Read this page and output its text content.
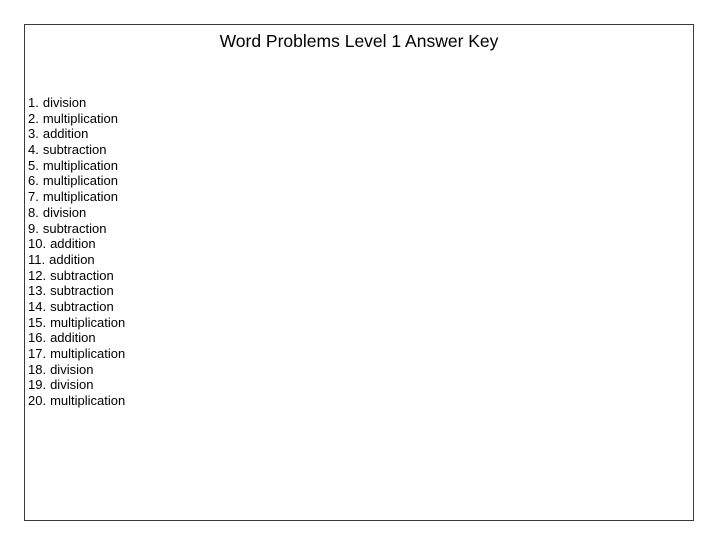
Word Problems Level 1 Answer Key
1. division
2. multiplication
3. addition
4. subtraction
5. multiplication
6. multiplication
7. multiplication
8. division
9. subtraction
10. addition
11. addition
12. subtraction
13. subtraction
14. subtraction
15. multiplication
16. addition
17. multiplication
18. division
19. division
20. multiplication
